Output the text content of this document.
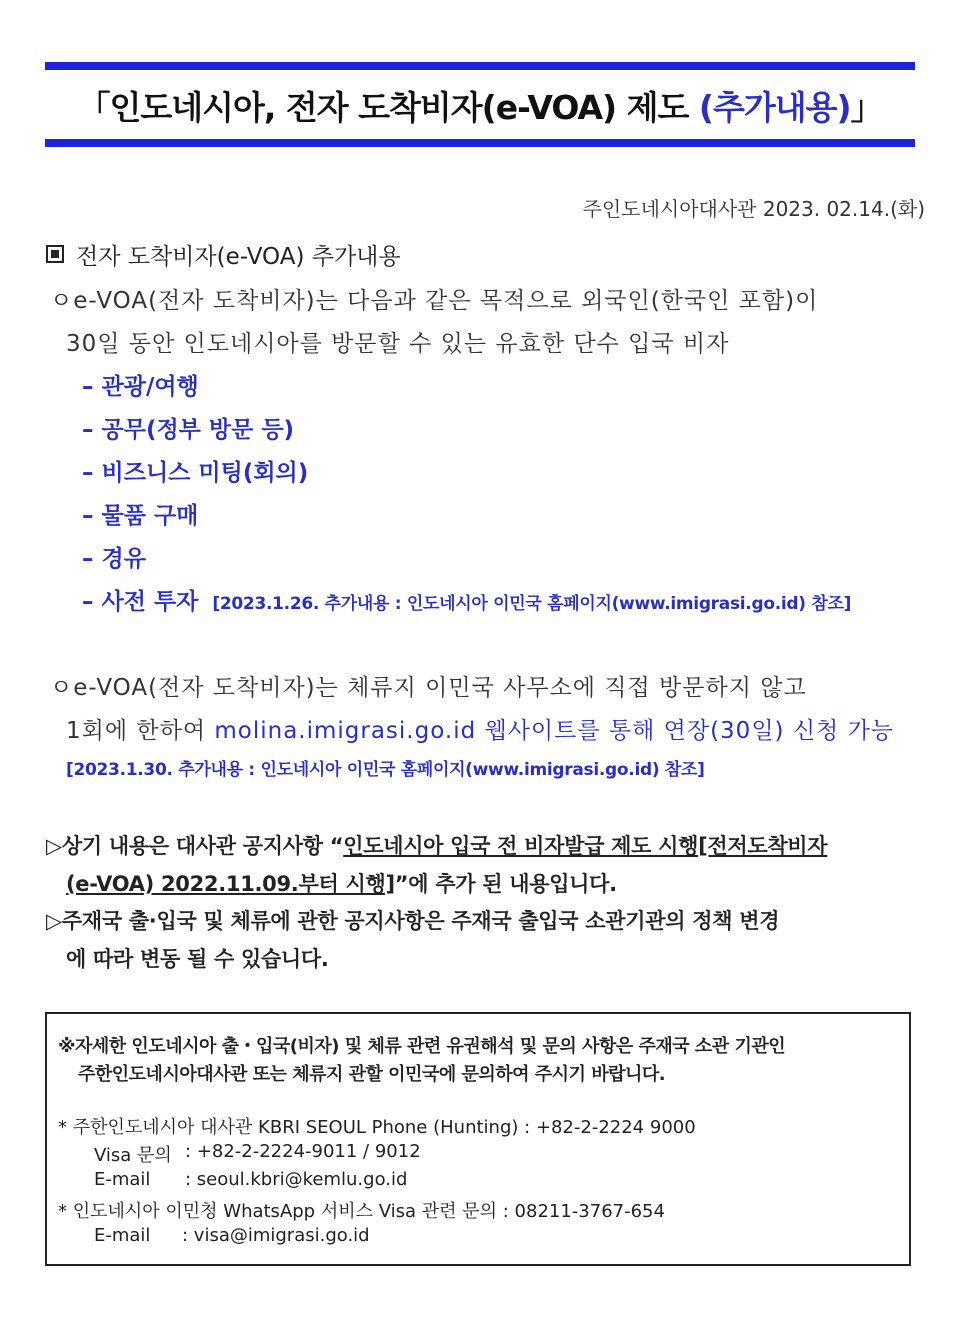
「인도네시아, 전자 도착비자(e-VOA) 제도 (추가내용)」
주인도네시아대사관 2023. 02.14.(화)
전자 도착비자(e-VOA) 추가내용
ㅇe-VOA(전자 도착비자)는 다음과 같은 목적으로 외국인(한국인 포함)이
30일 동안 인도네시아를 방문할 수 있는 유효한 단수 입국 비자
– 관광/여행
– 공무(정부 방문 등)
– 비즈니스 미팅(회의)
– 물품 구매
– 경유
– 사전 투자 [2023.1.26. 추가내용 : 인도네시아 이민국 홈페이지(www.imigrasi.go.id) 참조]
ㅇe-VOA(전자 도착비자)는 체류지 이민국 사무소에 직접 방문하지 않고
1회에 한하여 molina.imigrasi.go.id 웹사이트를 통해 연장(30일) 신청 가능
[2023.1.30. 추가내용 : 인도네시아 이민국 홈페이지(www.imigrasi.go.id) 참조]
▷상기 내용은 대사관 공지사항 “인도네시아 입국 전 비자발급 제도 시행[전저도착비자
(e-VOA) 2022.11.09.부터 시행]”에 추가 된 내용입니다.
▷주재국 출·입국 및 체류에 관한 공지사항은 주재국 출입국 소관기관의 정책 변경
에 따라 변동 될 수 있습니다.
※자세한 인도네시아 출・입국(비자) 및 체류 관련 유권해석 및 문의 사항은 주재국 소관 기관인
주한인도네시아대사관 또는 체류지 관할 이민국에 문의하여 주시기 바랍니다.
* 주한인도네시아 대사관 KBRI SEOUL Phone (Hunting) : +82-2-2224 9000
Visa 문의 : +82-2-2224-9011 / 9012
E-mail : seoul.kbri@kemlu.go.id
* 인도네시아 이민청 WhatsApp 서비스 Visa 관련 문의 : 08211-3767-654
E-mail : visa@imigrasi.go.id
